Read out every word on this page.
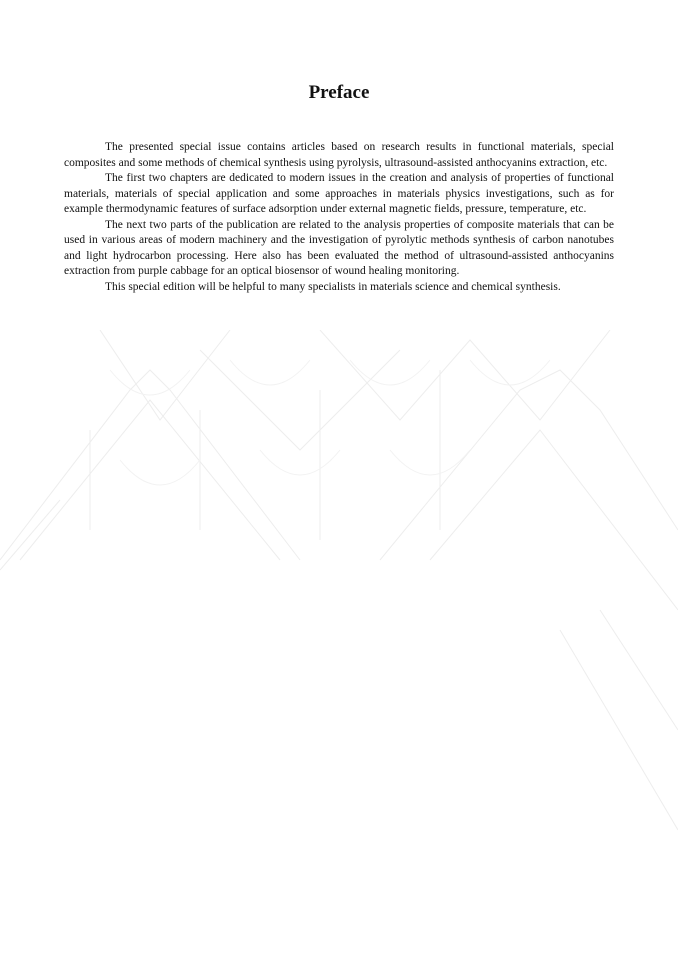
Preface

The presented special issue contains articles based on research results in functional materials, special composites and some methods of chemical synthesis using pyrolysis, ultrasound-assisted anthocyanins extraction, etc.

The first two chapters are dedicated to modern issues in the creation and analysis of properties of functional materials, materials of special application and some approaches in materials physics investigations, such as for example thermodynamic features of surface adsorption under external magnetic fields, pressure, temperature, etc.

The next two parts of the publication are related to the analysis properties of composite materials that can be used in various areas of modern machinery and the investigation of pyrolytic methods synthesis of carbon nanotubes and light hydrocarbon processing. Here also has been evaluated the method of ultrasound-assisted anthocyanins extraction from purple cabbage for an optical biosensor of wound healing monitoring.

This special edition will be helpful to many specialists in materials science and chemical synthesis.
